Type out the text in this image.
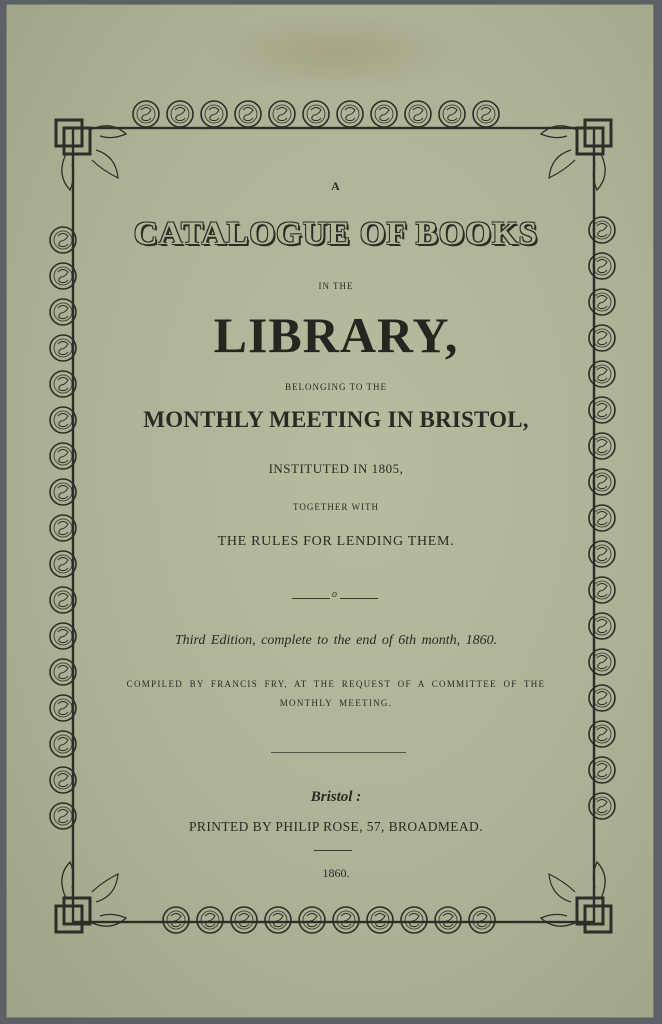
A
CATALOGUE OF BOOKS
IN THE
LIBRARY,
BELONGING TO THE
MONTHLY MEETING IN BRISTOL,
INSTITUTED IN 1805,
TOGETHER WITH
THE RULES FOR LENDING THEM.
o
Third Edition, complete to the end of 6th month, 1860.
COMPILED BY FRANCIS FRY, AT THE REQUEST OF A COMMITTEE OF THE
MONTHLY MEETING.
Bristol :
PRINTED BY PHILIP ROSE, 57, BROADMEAD.
1860.
